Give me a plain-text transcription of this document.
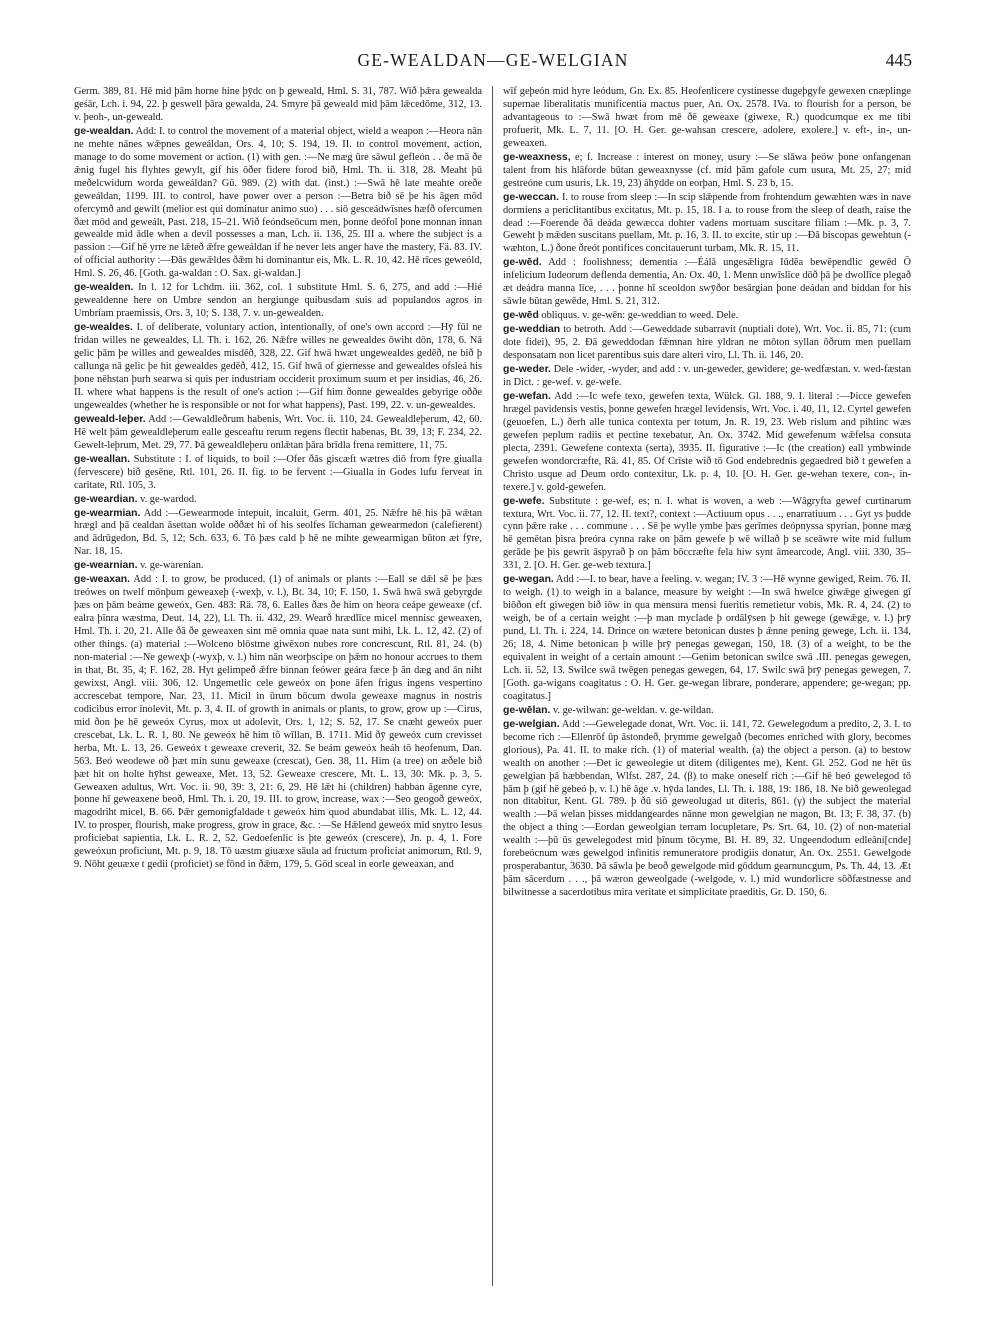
GE-WEALDAN—GE-WELGIAN	445

Germ. 389, 81. Hē mid þām horne hine þȳdc on þ geweald, Hml. S. 31, 787. Wið þǣra gewealda geśār, Lch. i. 94, 22. þ geswell þāra gewalda, 24. Smyre þā geweald mid þām lǣcedōme, 312, 13. v. þeoh-, un-geweald.

ge-wealdan. Add: I. to control the movement of a material object, wield a weapon :—Heora nān ne mehte nānes wǣpnes geweáldan, Ors. 4, 10; S. 194, 19. II. to control movement, action, manage to do some movement or action. (1) with gen. :—Ne mæg ūre sāwul gefleón . . ðe mā ðe ǣnig fugel his flyhtes gewylt, gif his ōðer fidere forod bið, Hml. Th. ii. 318, 28. Meaht þū meðelcwidum worda geweáldan? Gū. 989. (2) with dat. (inst.) :—Swā hē late meahte oreðe geweáldan, 1199. III. to control, have power over a person :—Betra bið sē þe his āgen mōd ofercymð and gewilt (melior est qui dominatur animo suo) . . . siō gesceádwīsnes hæfð ofercumen ðæt mōd and geweált, Past. 218, 15–21. Wið feóndseōcum men, þonne deófol þone monnan innan gewealde mid ādle when a devil possesses a man, Lch. ii. 136, 25. III a. where the subject is a passion :—Gif hē yrre ne lǣteð ǣfre geweáldan if he never lets anger have the mastery, Fä. 83. IV. of official authority :—Ðās gewǣldes ðǣm hi dominantur eis, Mk. L. R. 10, 42. Hē rīces geweóld, Hml. S. 26, 46. [Goth. ga-waldan : O. Sax. gi-waldan.]

ge-wealden. In l. 12 for Lchdm. iii. 362, col. 1 substitute Hml. S. 6, 275, and add :—Hié gewealdenne here on Umbre sendon an hergiunge quibusdam suis ad populandos agros in Umbriam praemissis, Ors. 3, 10; S. 138, 7. v. un-gewealden.

ge-wealdes. I. of deliberate, voluntary action, intentionally, of one's own accord :—Hȳ fūl ne fridan willes ne gewealdes, Ll. Th. i. 162, 26. Nǣfre willes ne gewealdes ōwiht dōn, 178, 6. Nā gelic þām þe willes and gewealdes misdēð, 328, 22. Gif hwā hwæt ungewealdes gedēð, ne bið þ callunga nā gelic þe hit gewealdes gedēð, 412, 15. Gif hwā of giernesse and gewealdes ofsleá his þone nēhstan þurh searwa si quis per industriam occiderit proximum suum et per insidias, 46, 26. II. where what happens is the result of one's action :—Gif him ðonne gewealdes gebyrige oððe ungewealdes (whether he is responsible or not for what happens), Past. 199, 22. v. un-gewealdes.

geweald-leþer. Add :—Gewaldleðrum habenis, Wrt. Voc. ii. 110, 24. Gewealdleþerum, 42, 60. Hē welt þām gewealdleþerum ealle gesceaftu rerum regens flectit habenas, Bt. 39, 13; F. 234, 22. Gewelt-leþrum, Met. 29, 77. Þā gewealdleþeru onlǣtan þāra brīdla frena remittere, 11, 75.

ge-weallan. Substitute : I. of liquids, to boil :—Ofer ðās giscæft wætres diō from fȳre giualla (fervescere) bið gesēne, Rtl. 101, 26. II. fig. to be fervent :—Giualla in Godes lufu ferveat in caritate, Rtl. 105, 3.

ge-weardian. v. ge-wardod.

ge-wearmian. Add :—Gewearmode intepuit, incaluit, Germ. 401, 25. Nǣfre hē his þā wǣtan hrægl and þā cealdan āsettan wolde oððæt hi of his seolfes līchaman gewearmedon (calefierent) and ādrūgedon, Bd. 5, 12; Sch. 633, 6. Tō þæs cald þ hē ne mihte gewearmigan būton æt fȳre, Nar. 18, 15.

ge-wearnian. v. ge-warenian.

ge-weaxan. Add : I. to grow, be produced. (1) of animals or plants :—Eall se dǣl sē þe þæs treówes on twelf mōnþum geweaxeþ (-wexþ, v. l.), Bt. 34, 10; F. 150, 1. Swā hwā swā gebyrgde þæs on þām beáme geweóx, Gen. 483: Rä. 78, 6. Ealles ðæs ðe him on heora ceápe geweaxe (cf. ealra þīnra wæstma, Deut. 14, 22), Ll. Th. ii. 432, 29. Wearð hrædlīce micel mennisc geweaxen, Hml. Th. i. 20, 21. Alle ðā ðe geweaxen sint mē omnia quae nata sunt mihi, Lk. L. 12, 42. (2) of other things. (a) material :—Wolcenо blōstme giwēxon nubes rore concrescunt, Rtl. 81, 24. (b) non-material :—Ne geweҳþ (-wyxþ, v. l.) him nān weorþscipe on þǣm no honour accrues to them in that, Bt. 35, 4; F. 162, 28. Hyt gelimpeð ǣfre binnan feówer geára fæce þ ān dæg and ān niht gewixst, Angl. viii. 306, 12. Ungemetlic cele geweóx on þone āfen frigus ingens vespertino accrescebat tempore, Nar. 23, 11. Micil in ūrum bōcum dwola geweaxe magnus in nostris codicibus error inolevit, Mt. p. 3, 4. II. of growth in animals or plants, to grow, grow up :—Cirus, mid ðon þe hē geweóx Cyrus, mox ut adolevit, Ors. 1, 12; S. 52, 17. Se cnæht geweóx puer crescebat, Lk. L. R. 1, 80. Ne geweóx hē him tō wīllan, B. 1711. Mid ðȳ geweóx cum crevisset herba, Mt. L. 13, 26. Geweóx t geweaxe creverit, 32. Se beám geweóx heáh tō heofenum, Dan. 563. Beó weodewe oð þæt min sunu geweaxe (crescat), Gen. 38, 11. Him (a tree) on æðele bið þæt hit on holte hȳhst geweaxe, Met. 13, 52. Geweaxe crescere, Mt. L. 13, 30: Mk. p. 3, 5. Geweaxen adultus, Wrt. Voc. ii. 90, 39: 3, 21: 6, 29. Hē lǣt hi (children) habban āgenne cyre, þonne hī geweaxene beoð, Hml. Th. i. 20, 19. III. to grow, increase, wax :—Seo geogoð geweóx, magodriht micel, B. 66. Þǣr gemonigfaldade t geweóx him quod abundabat illis, Mk. L. 12, 44. IV. to prosper, flourish, make progress, grow in grace, &c. :—Se Hǣlend geweóx mid snytro Iesus proficiebat sapientia, Lk. L. R. 2, 52. Gedoefenlic is þte geweóx (crescere), Jn. p. 4, 1. Fore geweóxun proficiunt, Mt. p. 9, 18. Tō uæstm giuæxe sāula ad fructum proficiat animorum, Rtl. 9, 9. Nōht geuæxe t gedii (proficiet) se fōnd in ðǣm, 179, 5. Gōd sceal in eorle geweaxan, and

wīf geþeón mid hyre leódum, Gn. Ex. 85. Heofenlicere cystinesse dugeþgyfe gewexen cnæplinge supernae liberalitatis munificentia mactus puer, An. Ox. 2578. IVa. to flourish for a person, be advantageous to :—Swā hwæt from mē ðē geweaxe (giwexe, R.) quodcumque ex me tibi profuerit, Mk. L. 7, 11. [O. H. Ger. ge-wahsan crescere, adolere, exolere.] v. eft-, in-, un-geweaxen.

ge-weaxness, e; f. Increase : interest on money, usury :—Se slāwa þeów þone onfangenan talent from his hlāforde būtan geweaxnysse (cf. mid þām gafole cum usura, Mt. 25, 27; mid gestreóne cum usuris, Lk. 19, 23) āhȳdde on eorþan, Hml. S. 23 b, 15.

ge-weccan. I. to rouse from sleep :—In scip slǣpende from frohtendum gewæhten wæs in nave dormiens a periclitantibus excitatus, Mt. p. 15, 18. I a. to rouse from the sleep of death, raise the dead :—Foerende ðā deáda gewæcca dohter vadens mortuam suscitare filiam :—Mk. p. 3, 7. Geweht þ mǣden suscitans puellam, Mt. p. 16, 3. II. to excite, stir up :—Ðā biscopas gewehtun (-wæhton, L.) ðone ðreót pontifices concitauerunt turbam, Mk. R. 15, 11.

ge-wēd. Add : foolishness; dementia :—Éálā ungesǣligra Iūdēa bewēpendlic gewēd Ō infelicium Iudeorum deflenda dementia, An. Ox. 40, 1. Menn unwīslīce dōð þā þe dwollīce plegað æt deádra manna līce, . . . þonne hī sceoldon swȳðor besārgian þone deádan and biddan for his sāwle būtan gewēde, Hml. S. 21, 312.

ge-wēd obliquus. v. ge-wēn: ge-weddian to weed. Dele.

ge-weddian to betroth. Add :—Geweddade subarravit (nuptiali dote), Wrt. Voc. ii. 85, 71: (cum dote fidei), 95, 2. Ðā geweddodan fǣmnan hire yldran ne mōton syllan ōðrum men puellam desponsatam non licet parentibus suis dare alteri viro, Ll. Th. ii. 146, 20.

ge-weder. Dele -wider, -wyder, and add : v. un-geweder, gewidere; ge-wedfæstan. v. wed-fæstan in Dict. : ge-wef. v. ge-wefe.

ge-wefan. Add :—Ic wefe texo, gewefen texta, Wülck. Gl. 188, 9. I. literal :—Þicce gewefen hrægel pavidensis vestis, þonne gewefen hrægel levidensis, Wrt. Voc. i. 40, 11, 12. Cyrtel gewefen (geuoefen, L.) ðerh alle tunica contexta per totum, Jn. R. 19, 23. Web rislum and pihtinc wæs gewefen peplum radiis et pectine texebatur, An. Ox. 3742. Mid gewefenum wǣfelsa consuta plecta, 2391. Gewefene contexta (serta), 3935. II. figurative :—Ic (the creation) eall ymbwinde gewefen wondorcræfte, Rä. 41, 85. Of Crīste wið tō God endebrednis gegaedred bið t gewefen a Christo usque ad Deum ordo contexitur, Lk. p. 4, 10. [O. H. Ger. ge-wehan texere, con-, in-texere.] v. gold-gewefen.

ge-wefe. Substitute : ge-wef, es; n. I. what is woven, a web :—Wāgryfta gewef curtinarum textura, Wrt. Voc. ii. 77, 12. II. text?, context :—Actiuum opus . . ., enarratiuum . . . Gyt ys þudde cynn þǣre rake . . . commune . . . Sē þe wylle ymbe þæs gerīmes deópnyssa spyrian, þonne mæg hē gemētan þisra þreóra cynna rake on þām gewefe þ wē willað þ se sceāwre wite mid fullum gerāde þe þis gewrit āspyrað þ on þām bōccræfte fela hiw synt āmearcode, Angl. viii. 330, 35–331, 2. [O. H. Ger. ge-web textura.]

ge-wegan. Add :—I. to bear, have a feeling. v. wegan; IV. 3 :—Hē wynne gewiged, Reim. 76. II. to weigh. (1) to weigh in a balance, measure by weight :—In swā hwelce giwǣge giwegen gī biōðon eft giwegen bið iōw in qua mensura mensi fueritis remetietur vobis, Mk. R. 4, 24. (2) to weigh, be of a certain weight :—þ man myclade þ ordālȳsen þ hit gewege (gewǣge, v. l.) þrȳ pund, Ll. Th. i. 224, 14. Drince on wætere betonican dustes þ ǣnne pening gewege, Lch. ii. 134, 26; 18, 4. Nime betonican þ wille þrȳ penegas gewegan, 150, 18. (3) of a weight, to be the equivalent in weight of a certain amount :—Genim betonican swilce swā .III. penegas gewegen, Lch. ii. 52, 13. Swilce swā twēgen penegas gewegen, 64, 17. Swilc swā þrȳ penegas gewegen, 7. [Goth. ga-wigans coagitatus : O. H. Ger. ge-wegan librare, ponderare, appendere; ge-wegan; pp. coagitatus.]

ge-wēlan. v. ge-wilwan: ge-weldan. v. ge-wildan.

ge-welgian. Add :—Gewelegade donat, Wrt. Voc. ii. 141, 72. Gewelegodum a predito, 2, 3. I. to become rich :—Ellenrōf ūp āstondeð, þrymme gewelgað (becomes enriched with glory, becomes glorious), Pa. 41. II. to make rich. (1) of material wealth. (a) the object a person. (a) to bestow wealth on another :—Ðet ic geweolegie ut ditem (diligentes me), Kent. Gl. 252. God ne hēt ūs gewelgian þā hæbbendan, Wlfst. 287, 24. (β) to make oneself rich :—Gif hē beó gewelegod tō þām þ (gif hē gebeó þ, v. l.) hē āge .v. hȳda landes, Ll. Th. i. 188, 19: 186, 18. Ne bið geweolegad non ditabitur, Kent. Gl. 789. þ ðū siō geweolugad ut diteris, 861. (γ) the subject the material wealth :—Þā welan þisses middangeardes nānne mon gewelgian ne magon, Bt. 13; F. 38, 37. (b) the object a thing :—Eordan geweolgian terram locupletare, Ps. Srt. 64, 10. (2) of non-material wealth :—þū ūs gewelegodest mid þīnum tōcyme, Bl. H. 89, 32. Ungeendodum edleāni[cnde] forebeócnum wæs gewelgod infinitis remuneratore prodigiis donatur, An. Ox. 2551. Gewelgode prosperabantur, 3630. Þā sāwla þe beoð gewelgode mid gōddum gearnuncgum, Ps. Th. 44, 13. Æt þām sācerdum . . ., þā wæron geweolgade (-welgode, v. l.) mid wundorlicre sōðfæstnesse and bilwitnesse a sacerdotibus mira veritate et simplicitate praeditis, Gr. D. 150, 6.
